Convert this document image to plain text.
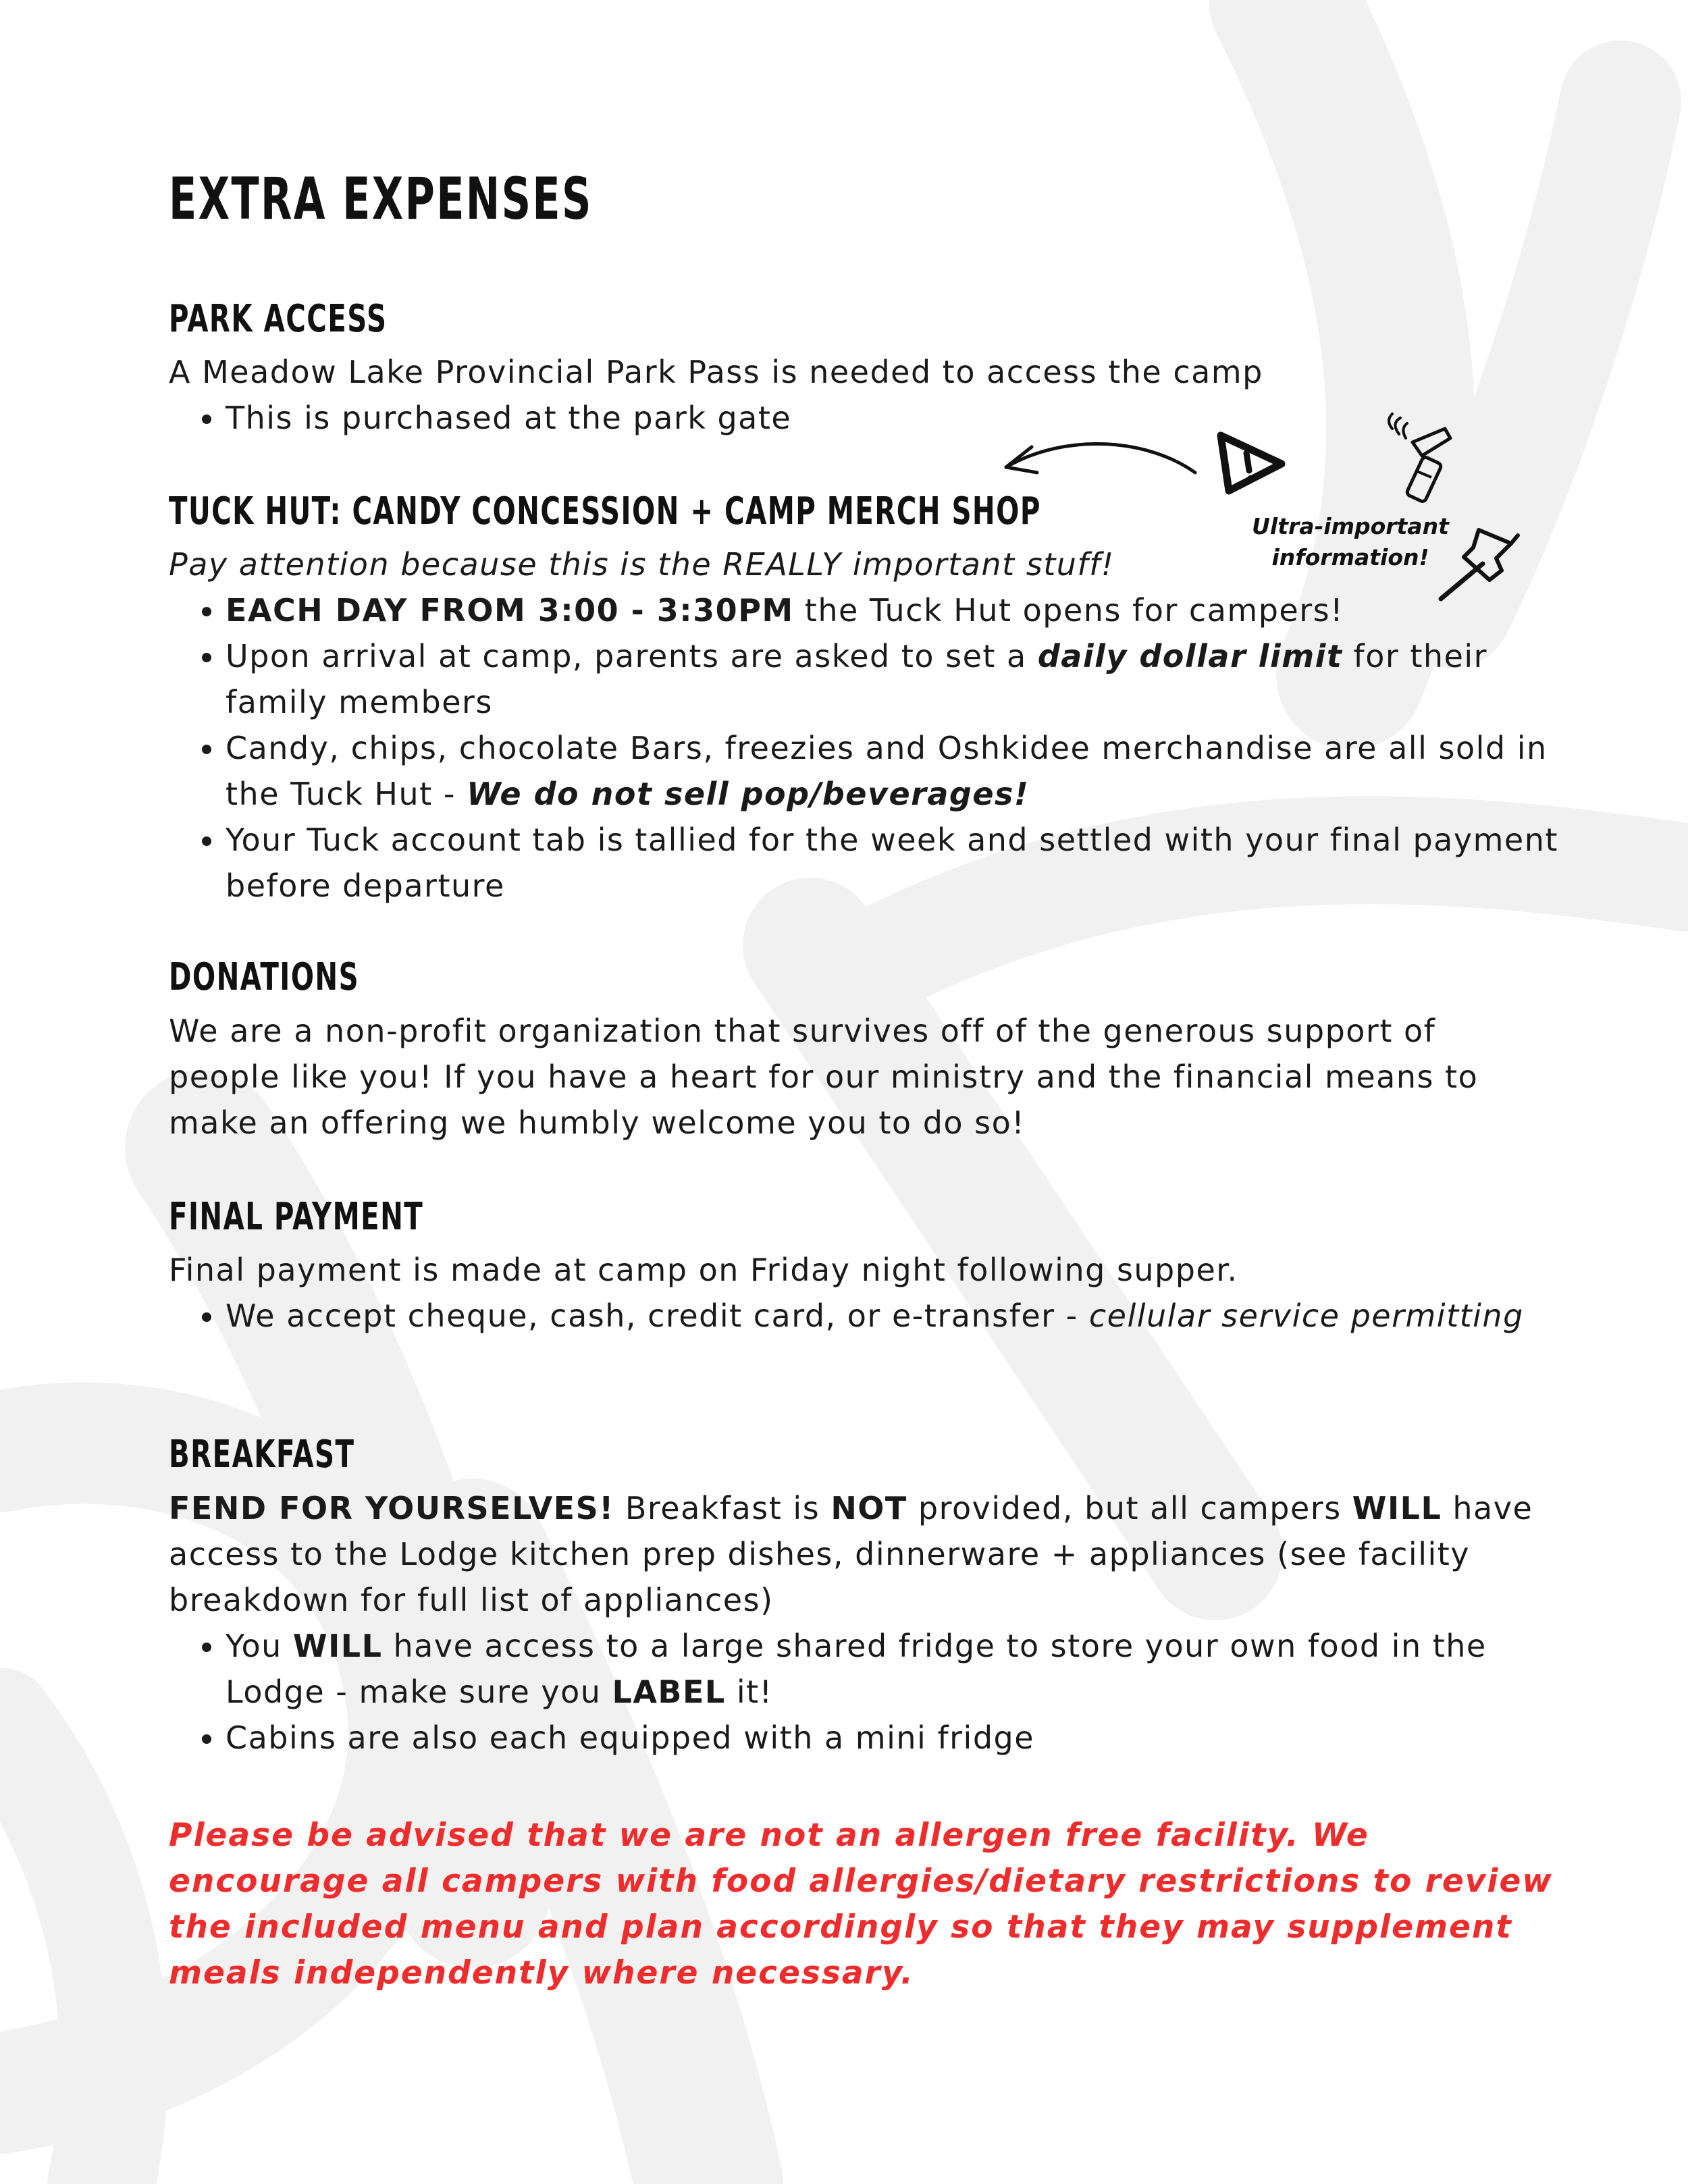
EXTRA EXPENSES
PARK ACCESS

A Meadow Lake Provincial Park Pass is needed to access the camp

• This is purchased at the park gate
TUCK HUT: CANDY CONCESSION + CAMP MERCH SHOP

Pay attention because this is the REALLY important stuff!

• EACH DAY FROM 3:00 - 3:30PM the Tuck Hut opens for campers!
• Upon arrival at camp, parents are asked to set a daily dollar limit for their family members
• Candy, chips, chocolate Bars, freezies and Oshkidee merchandise are all sold in the Tuck Hut - We do not sell pop/beverages!
• Your Tuck account tab is tallied for the week and settled with your final payment before departure
DONATIONS

We are a non-profit organization that survives off of the generous support of people like you! If you have a heart for our ministry and the financial means to make an offering we humbly welcome you to do so!

FINAL PAYMENT

Final payment is made at camp on Friday night following supper.

• We accept cheque, cash, credit card, or e-transfer - cellular service permitting
BREAKFAST

FEND FOR YOURSELVES! Breakfast is NOT provided, but all campers WILL have access to the Lodge kitchen prep dishes, dinnerware + appliances (see facility breakdown for full list of appliances)

• You WILL have access to a large shared fridge to store your own food in the Lodge - make sure you LABEL it!
• Cabins are also each equipped with a mini fridge

Please be advised that we are not an allergen free facility. We encourage all campers with food allergies/dietary restrictions to review the included menu and plan accordingly so that they may supplement meals independently where necessary.

Ultra-important
information!
